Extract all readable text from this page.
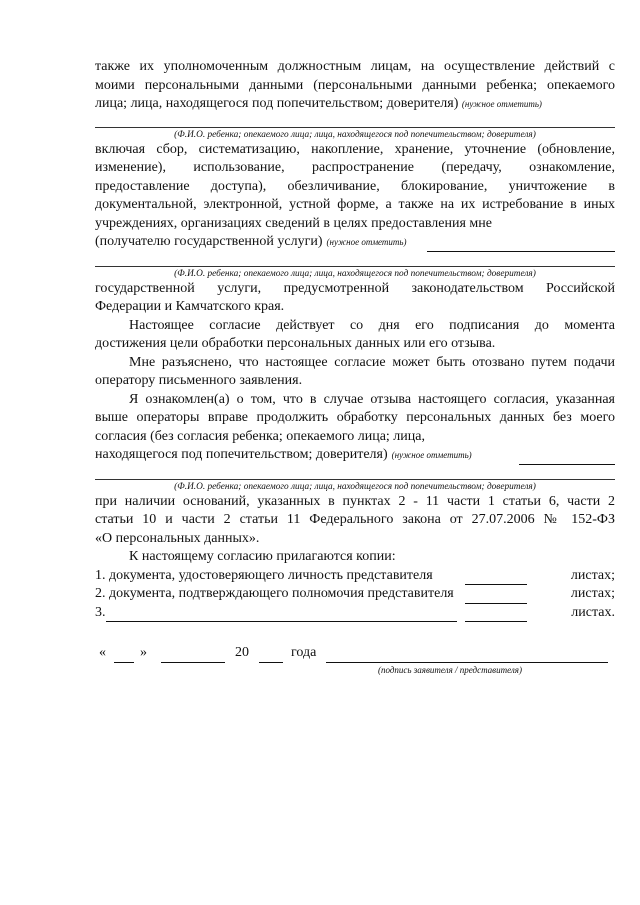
также их уполномоченным должностным лицам, на осуществление действий с

моими персональными данными (персональными данными ребенка; опекаемого

лица; лица, находящегося под попечительством; доверителя) (нужное отметить)

(Ф.И.О. ребенка; опекаемого лица; лица, находящегося под попечительством; доверителя)

включая сбор, систематизацию, накопление, хранение, уточнение (обновление,

изменение), использование, распространение (передачу, ознакомление,

предоставление доступа), обезличивание, блокирование, уничтожение в

документальной, электронной, устной форме, а также на их истребование в иных

учреждениях, организациях сведений в целях предоставления мне

(получателю государственной услуги) (нужное отметить)
(Ф.И.О. ребенка; опекаемого лица; лица, находящегося под попечительством; доверителя)

государственной услуги, предусмотренной законодательством Российской

Федерации и Камчатского края.

Настоящее согласие действует со дня его подписания до момента

достижения цели обработки персональных данных или его отзыва.

Мне разъяснено, что настоящее согласие может быть отозвано путем подачи

оператору письменного заявления.

Я ознакомлен(а) о том, что в случае отзыва настоящего согласия, указанная

выше операторы вправе продолжить обработку персональных данных без моего

согласия (без согласия ребенка; опекаемого лица; лица,

находящегося под попечительством; доверителя) (нужное отметить)
(Ф.И.О. ребенка; опекаемого лица; лица, находящегося под попечительством; доверителя)

при наличии оснований, указанных в пунктах 2 - 11 части 1 статьи 6, части 2

статьи 10 и части 2 статьи 11 Федерального закона от 27.07.2006 № 152-ФЗ

«О персональных данных».

К настоящему согласию прилагаются копии:

1. документа, удостоверяющего личность представителя	листах;
2. документа, подтверждающего полномочия представителя	листах;
3.	листах.
« »	20	года
(подпись заявителя / представителя)
